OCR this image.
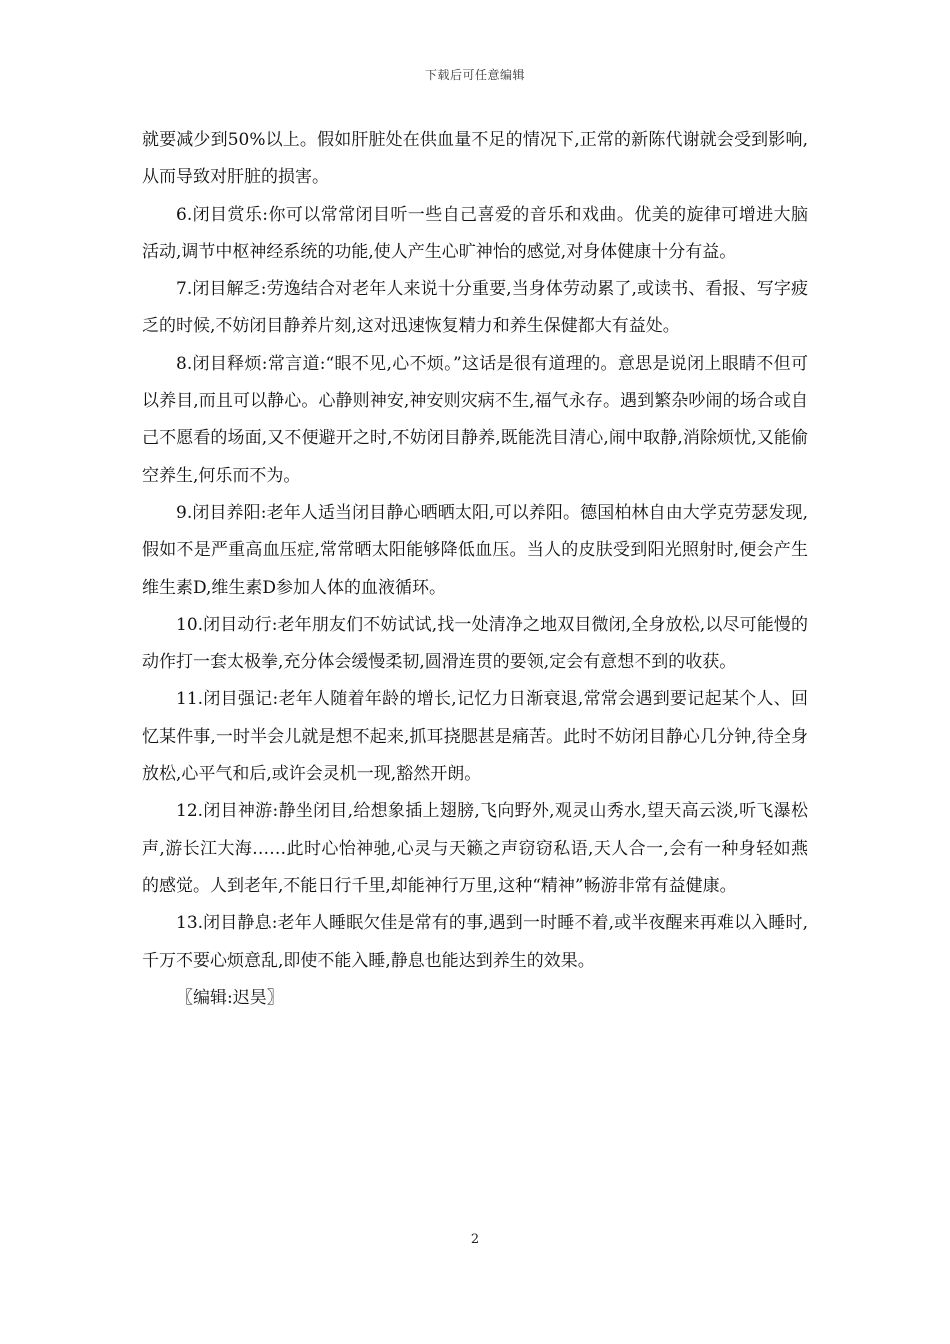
下载后可任意编辑

就要减少到50%以上。假如肝脏处在供血量不足的情况下,正常的新陈代谢就会受到影响,从而导致对肝脏的损害。

6.闭目赏乐:你可以常常闭目听一些自己喜爱的音乐和戏曲。优美的旋律可增进大脑活动,调节中枢神经系统的功能,使人产生心旷神怡的感觉,对身体健康十分有益。

7.闭目解乏:劳逸结合对老年人来说十分重要,当身体劳动累了,或读书、看报、写字疲乏的时候,不妨闭目静养片刻,这对迅速恢复精力和养生保健都大有益处。

8.闭目释烦:常言道:“眼不见,心不烦。”这话是很有道理的。意思是说闭上眼睛不但可以养目,而且可以静心。心静则神安,神安则灾病不生,福气永存。遇到繁杂吵闹的场合或自己不愿看的场面,又不便避开之时,不妨闭目静养,既能洗目清心,闹中取静,消除烦忧,又能偷空养生,何乐而不为。

9.闭目养阳:老年人适当闭目静心晒晒太阳,可以养阳。德国柏林自由大学克劳瑟发现,假如不是严重高血压症,常常晒太阳能够降低血压。当人的皮肤受到阳光照射时,便会产生维生素D,维生素D参加人体的血液循环。

10.闭目动行:老年朋友们不妨试试,找一处清净之地双目微闭,全身放松,以尽可能慢的动作打一套太极拳,充分体会缓慢柔韧,圆滑连贯的要领,定会有意想不到的收获。

11.闭目强记:老年人随着年龄的增长,记忆力日渐衰退,常常会遇到要记起某个人、回忆某件事,一时半会儿就是想不起来,抓耳挠腮甚是痛苦。此时不妨闭目静心几分钟,待全身放松,心平气和后,或许会灵机一现,豁然开朗。

12.闭目神游:静坐闭目,给想象插上翅膀,飞向野外,观灵山秀水,望天高云淡,听飞瀑松声,游长江大海……此时心怡神驰,心灵与天籁之声窃窃私语,天人合一,会有一种身轻如燕的感觉。人到老年,不能日行千里,却能神行万里,这种“精神”畅游非常有益健康。

13.闭目静息:老年人睡眠欠佳是常有的事,遇到一时睡不着,或半夜醒来再难以入睡时,千万不要心烦意乱,即使不能入睡,静息也能达到养生的效果。

〖编辑:迟昊〗

2
